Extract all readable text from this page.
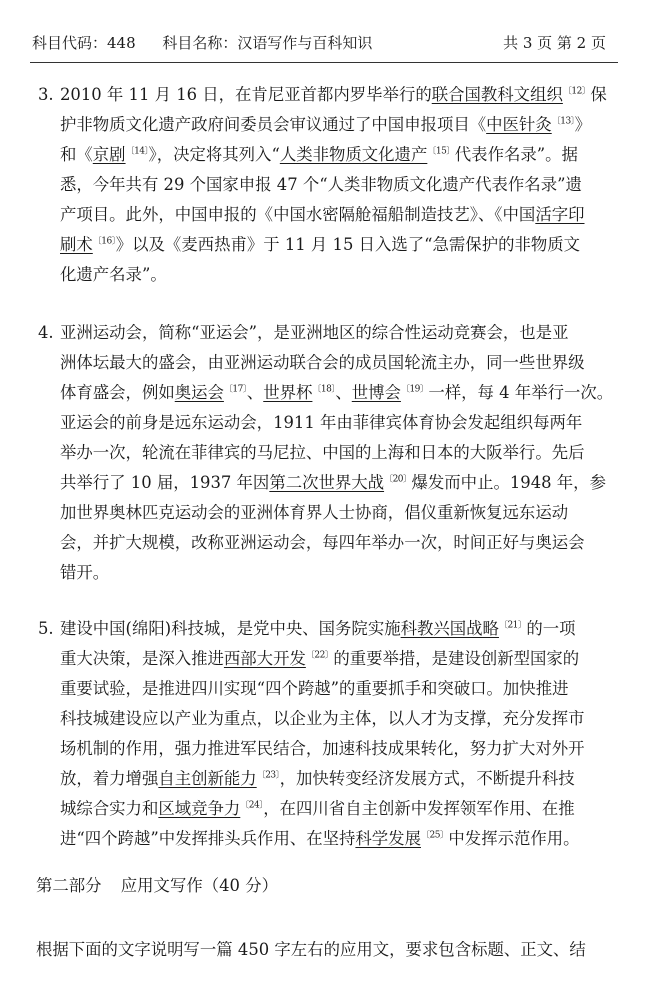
科目代码：448 科目名称：汉语写作与百科知识	共 3 页 第 2 页
3. 2010 年 11 月 16 日，在肯尼亚首都内罗毕举行的联合国教科文组织$^{〔12〕}$保
护非物质文化遗产政府间委员会审议通过了中国申报项目《中医针灸$^{〔13〕}$》
和《京剧$^{〔14〕}$》，决定将其列入“人类非物质文化遗产$^{〔15〕}$代表作名录”。据
悉，今年共有 29 个国家申报 47 个“人类非物质文化遗产代表作名录”遗
产项目。此外，中国申报的《中国水密隔舱福船制造技艺》、《中国活字印
刷术$^{〔16〕}$》以及《麦西热甫》于 11 月 15 日入选了“急需保护的非物质文
化遗产名录”。
4. 亚洲运动会，简称“亚运会”，是亚洲地区的综合性运动竞赛会，也是亚
洲体坛最大的盛会，由亚洲运动联合会的成员国轮流主办，同一些世界级
体育盛会，例如奥运会$^{〔17〕}$、世界杯$^{〔18〕}$、世博会$^{〔19〕}$一样，每 4 年举行一次。
亚运会的前身是远东运动会，1911 年由菲律宾体育协会发起组织每两年
举办一次，轮流在菲律宾的马尼拉、中国的上海和日本的大阪举行。先后
共举行了 10 届，1937 年因第二次世界大战$^{〔20〕}$爆发而中止。1948 年，参
加世界奥林匹克运动会的亚洲体育界人士协商，倡仪重新恢复远东运动
会，并扩大规模，改称亚洲运动会，每四年举办一次，时间正好与奥运会
错开。
5. 建设中国(绵阳)科技城，是党中央、国务院实施科教兴国战略$^{〔21〕}$的一项
重大决策，是深入推进西部大开发$^{〔22〕}$的重要举措，是建设创新型国家的
重要试验，是推进四川实现“四个跨越”的重要抓手和突破口。加快推进
科技城建设应以产业为重点，以企业为主体，以人才为支撑，充分发挥市
场机制的作用，强力推进军民结合，加速科技成果转化，努力扩大对外开
放，着力增强自主创新能力$^{〔23〕}$，加快转变经济发展方式，不断提升科技
城综合实力和区域竞争力$^{〔24〕}$，在四川省自主创新中发挥领军作用、在推
进“四个跨越”中发挥排头兵作用、在坚持科学发展$^{〔25〕}$中发挥示范作用。
第二部分 应用文写作（40 分）
根据下面的文字说明写一篇 450 字左右的应用文，要求包含标题、正文、结
